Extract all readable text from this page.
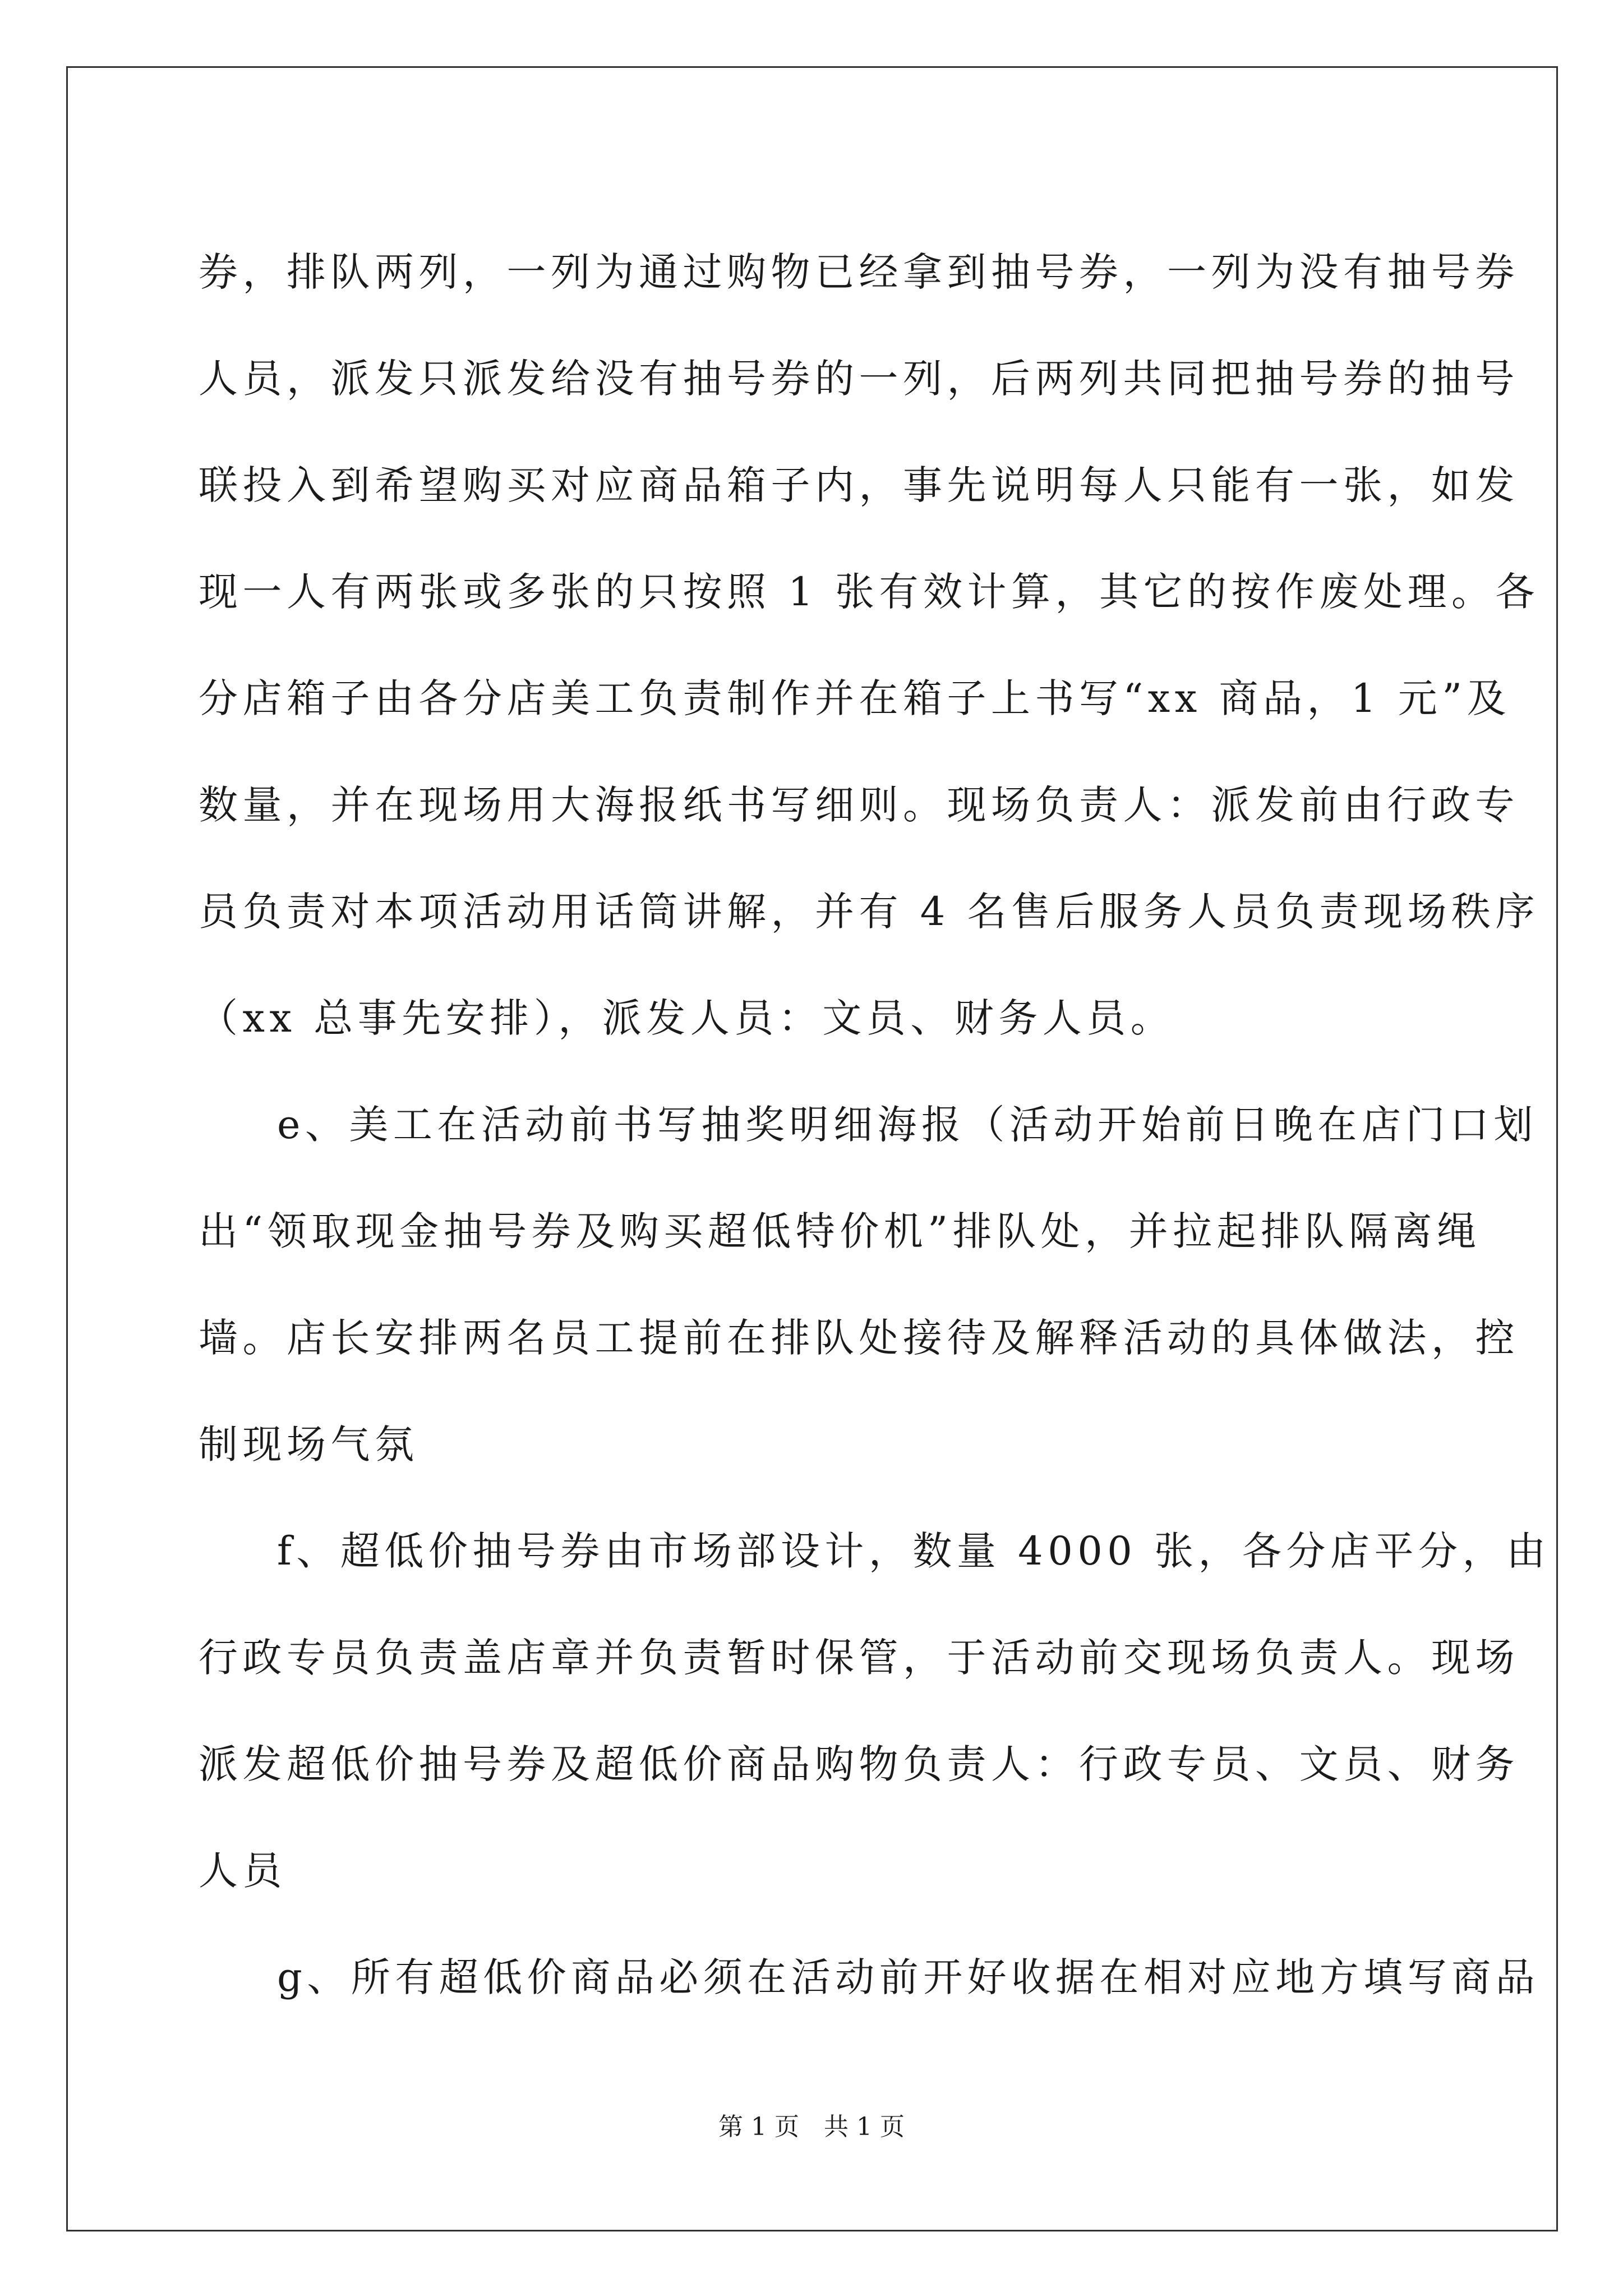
券，排队两列，一列为通过购物已经拿到抽号券，一列为没有抽号券
人员，派发只派发给没有抽号券的一列，后两列共同把抽号券的抽号
联投入到希望购买对应商品箱子内，事先说明每人只能有一张，如发
现一人有两张或多张的只按照 1 张有效计算，其它的按作废处理。各
分店箱子由各分店美工负责制作并在箱子上书写“xx 商品，1 元”及
数量，并在现场用大海报纸书写细则。现场负责人：派发前由行政专
员负责对本项活动用话筒讲解，并有 4 名售后服务人员负责现场秩序
（xx 总事先安排），派发人员：文员、财务人员。
e、美工在活动前书写抽奖明细海报（活动开始前日晚在店门口划
出“领取现金抽号券及购买超低特价机”排队处，并拉起排队隔离绳
墙。店长安排两名员工提前在排队处接待及解释活动的具体做法，控
制现场气氛
f、超低价抽号券由市场部设计，数量 4000 张，各分店平分，由
行政专员负责盖店章并负责暂时保管，于活动前交现场负责人。现场
派发超低价抽号券及超低价商品购物负责人：行政专员、文员、财务
人员
g、所有超低价商品必须在活动前开好收据在相对应地方填写商品
第 1 页　共 1 页
